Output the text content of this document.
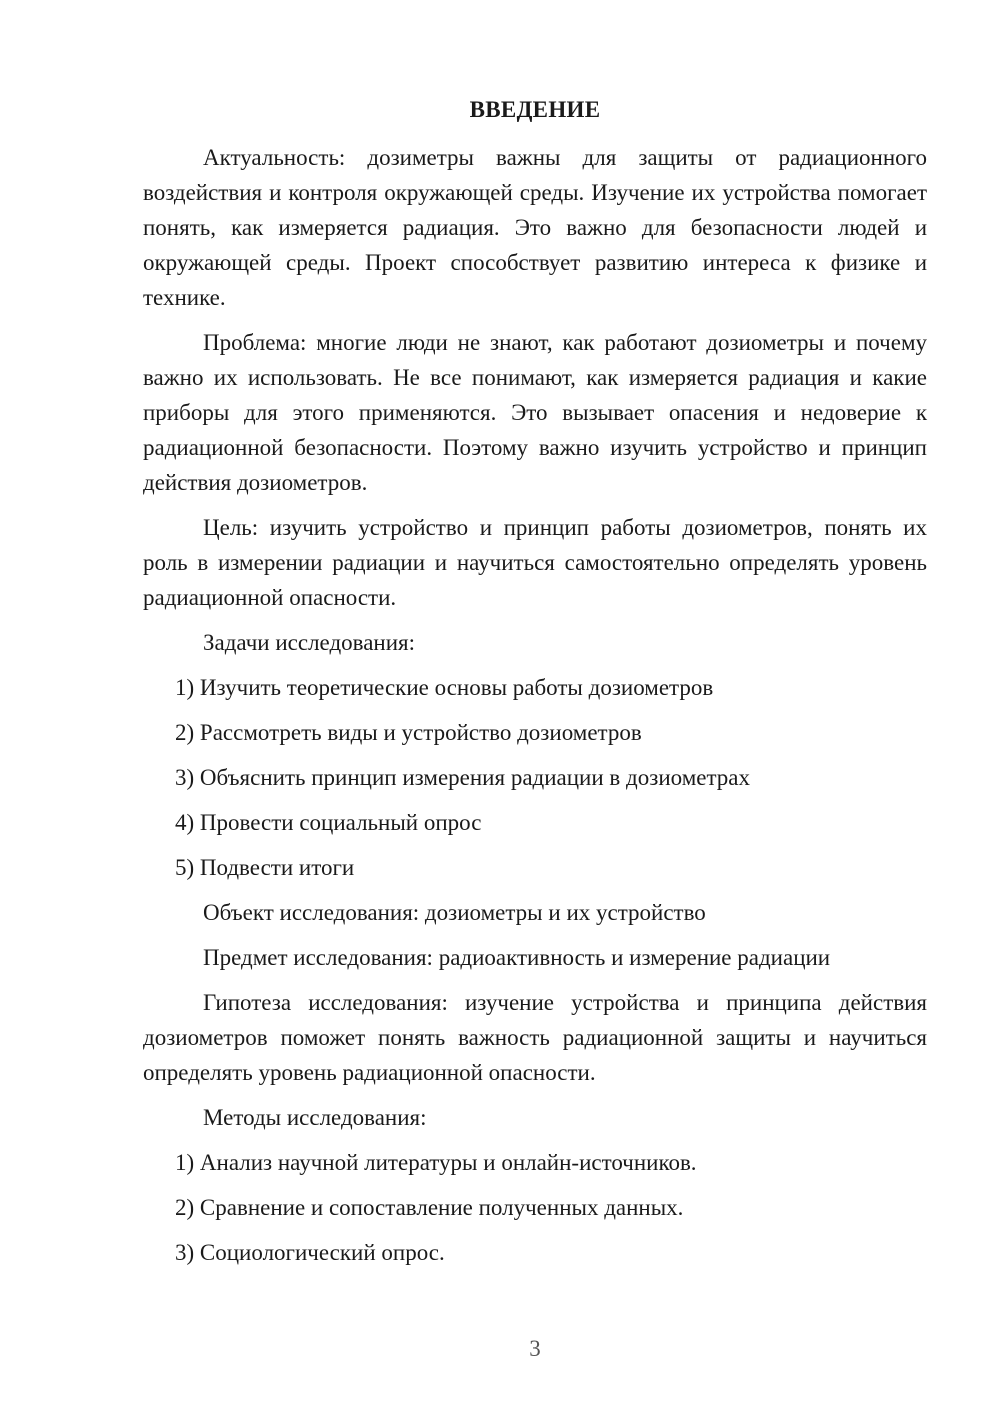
ВВЕДЕНИЕ

Актуальность: дозиметры важны для защиты от радиационного воздействия и контроля окружающей среды. Изучение их устройства помогает понять, как измеряется радиация. Это важно для безопасности людей и окружающей среды. Проект способствует развитию интереса к физике и технике.

Проблема: многие люди не знают, как работают дозиометры и почему важно их использовать. Не все понимают, как измеряется радиация и какие приборы для этого применяются. Это вызывает опасения и недоверие к радиационной безопасности. Поэтому важно изучить устройство и принцип действия дозиометров.

Цель: изучить устройство и принцип работы дозиометров, понять их роль в измерении радиации и научиться самостоятельно определять уровень радиационной опасности.

Задачи исследования:

1) Изучить теоретические основы работы дозиометров
2) Рассмотреть виды и устройство дозиометров
3) Объяснить принцип измерения радиации в дозиометрах
4) Провести социальный опрос
5) Подвести итоги

Объект исследования: дозиометры и их устройство

Предмет исследования: радиоактивность и измерение радиации

Гипотеза исследования: изучение устройства и принципа действия дозиометров поможет понять важность радиационной защиты и научиться определять уровень радиационной опасности.

Методы исследования:

1) Анализ научной литературы и онлайн-источников.
2) Сравнение и сопоставление полученных данных.
3) Социологический опрос.
3
